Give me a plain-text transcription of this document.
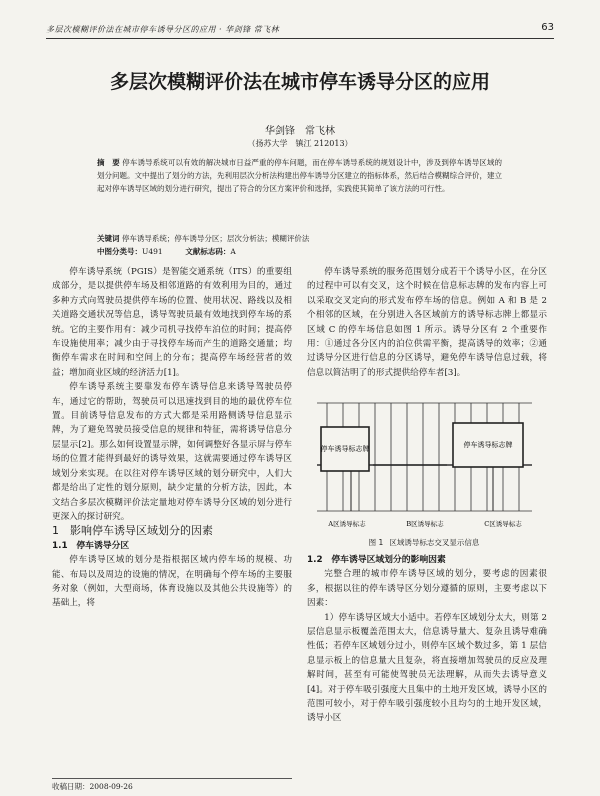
多层次模糊评价法在城市停车诱导分区的应用 · 华剑锋 常飞林	63
多层次模糊评价法在城市停车诱导分区的应用
华剑锋　常飞林
（扬苏大学　镇江 212013）

摘　要 停车诱导系统可以有效的解决城市日益严重的停车问题，而在停车诱导系统的规划设计中，涉及到停车诱导区域的划分问题。文中提出了划分的方法，先利用层次分析法构建出停车诱导分区建立的指标体系，然后结合模糊综合评价，建立起对停车诱导区域的划分进行研究，提出了符合的分区方案评价和选择，实践使其简单了该方法的可行性。

关键词 停车诱导系统；停车诱导分区；层次分析法；模糊评价法
中图分类号：U491	文献标志码：A

停车诱导系统（PGIS）是智能交通系统（ITS）的重要组成部分，是以提供停车场及相邻道路的有效利用为目的，通过多种方式向驾驶员提供停车场的位置、使用状况、路线以及相关道路交通状况等信息，诱导驾驶员最有效地找到停车场的系统。它的主要作用有：减少司机寻找停车泊位的时间；提高停车设施使用率；减少由于寻找停车场而产生的道路交通量；均衡停车需求在时间和空间上的分布；提高停车场经营者的效益；增加商业区域的经济活力[1]。

停车诱导系统主要靠发布停车诱导信息来诱导驾驶员停车，通过它的帮助，驾驶员可以迅速找到目的地的最优停车位置。目前诱导信息发布的方式大都是采用路侧诱导信息显示牌，为了避免驾驶员接受信息的规律和特征，需将诱导信息分层显示[2]。那么如何设置显示牌，如何调整好各显示屏与停车场的位置才能得到最好的诱导效果，这就需要通过停车诱导区域划分来实现。在以往对停车诱导区域的划分研究中，人们大都是给出了定性的划分原则，缺少定量的分析方法，因此，本文结合多层次模糊评价法定量地对停车诱导分区域的划分进行更深入的探讨研究。

1　影响停车诱导区域划分的因素

1.1　停车诱导分区

停车诱导区域的划分是指根据区域内停车场的规模、功能、布局以及周边的设施的情况，在明确每个停车场的主要服务对象（例如，大型商场，体育设施以及其他公共设施等）的基础上，将

收稿日期：2008-09-26

停车诱导系统的服务范围划分成若干个诱导小区，在分区的过程中可以有交叉，这个时候在信息标志牌的发布内容上可以采取交叉定向的形式发布停车场的信息。例如 A 和 B 是 2 个相邻的区域，在分别进入各区域前方的诱导标志牌上都显示区域 C 的停车场信息如图 1 所示。诱导分区有 2 个重要作用：①通过各分区内的泊位供需平衡，提高诱导的效率；②通过诱导分区进行信息的分区诱导，避免停车诱导信息过载，将信息以简洁明了的形式提供给停车者[3]。

停车诱导标志牌	停车诱导标志牌
A区诱导标志	B区诱导标志	C区诱导标志
图 1 区域诱导标志交叉显示信息

1.2　停车诱导区域划分的影响因素

完整合理的城市停车诱导区域的划分，要考虑的因素很多，根据以往的停车诱导区分划分遵循的原则，主要考虑以下因素：

1）停车诱导区域大小适中。若停车区域划分太大，则第 2 层信息显示板覆盖范围太大，信息诱导量大、复杂且诱导难确性低；若停车区域划分过小，则停车区域个数过多，第 1 层信息显示板上的信息量大且复杂，将直接增加驾驶员的反应及理解时间，甚至有可能使驾驶员无法理解，从而失去诱导意义[4]。对于停车吸引强度大且集中的土地开发区域，诱导小区的范围可较小，对于停车吸引强度较小且均匀的土地开发区域，诱导小区
